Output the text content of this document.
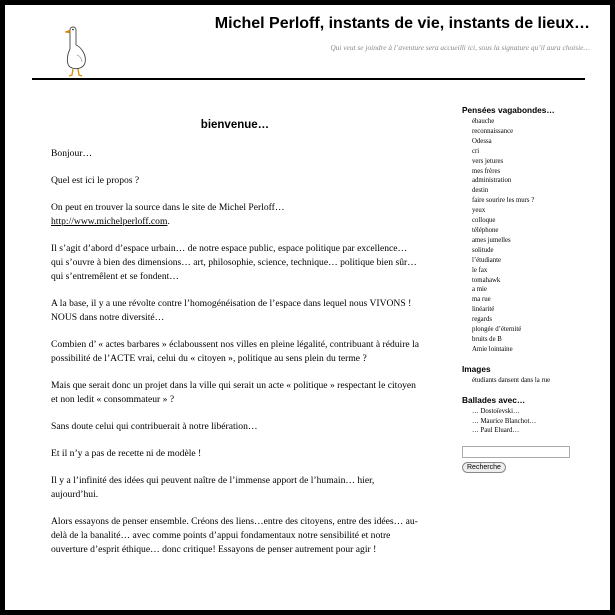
Michel Perloff, instants de vie, instants de lieux…

Qui veut se joindre à l’aventure sera accueilli ici, sous la signature qu’il aura choisie…

bienvenue…

Bonjour…

Quel est ici le propos ?

On peut en trouver la source dans le site de Michel Perloff…
http://www.michelperloff.com.

Il s’agit d’abord d’espace urbain… de notre espace public, espace politique par excellence… qui s’ouvre à bien des dimensions… art, philosophie, science, technique… politique bien sûr… qui s’entremêlent et se fondent…

A la base, il y a une révolte contre l’homogénéisation de l’espace dans lequel nous VIVONS ! NOUS dans notre diversité…

Combien d’ « actes barbares » éclaboussent nos villes en pleine légalité, contribuant à réduire la possibilité de l’ACTE vrai, celui du « citoyen », politique au sens plein du terme ?

Mais que serait donc un projet dans la ville qui serait un acte « politique » respectant le citoyen et non ledit « consommateur » ?

Sans doute celui qui contribuerait à notre libération…

Et il n’y a pas de recette ni de modèle !

Il y a l’infinité des idées qui peuvent naître de l’immense apport de l’humain… hier, aujourd’hui.

Alors essayons de penser ensemble. Créons des liens…entre des citoyens, entre des idées… au-delà de la banalité… avec comme points d’appui fondamentaux notre sensibilité et notre ouverture d’esprit éthique… donc critique! Essayons de penser autrement pour agir !

Pensées vagabondes…
ébauche
reconnaissance
Odessa
cri
vers jetures
mes frères
administration
destin
faire sourire les murs ?
yeux
colloque
téléphone
ames jumelles
solitude
l’étudiante
le fax
tomahawk
a mie
ma rue
linéarité
regards
plongée d’éternité
bruits de B
Amie lointaine
Images
étudiants dansent dans la rue
Ballades avec…
… Dostoïevski…
… Maurice Blanchot…
… Paul Eluard…
Recherche
